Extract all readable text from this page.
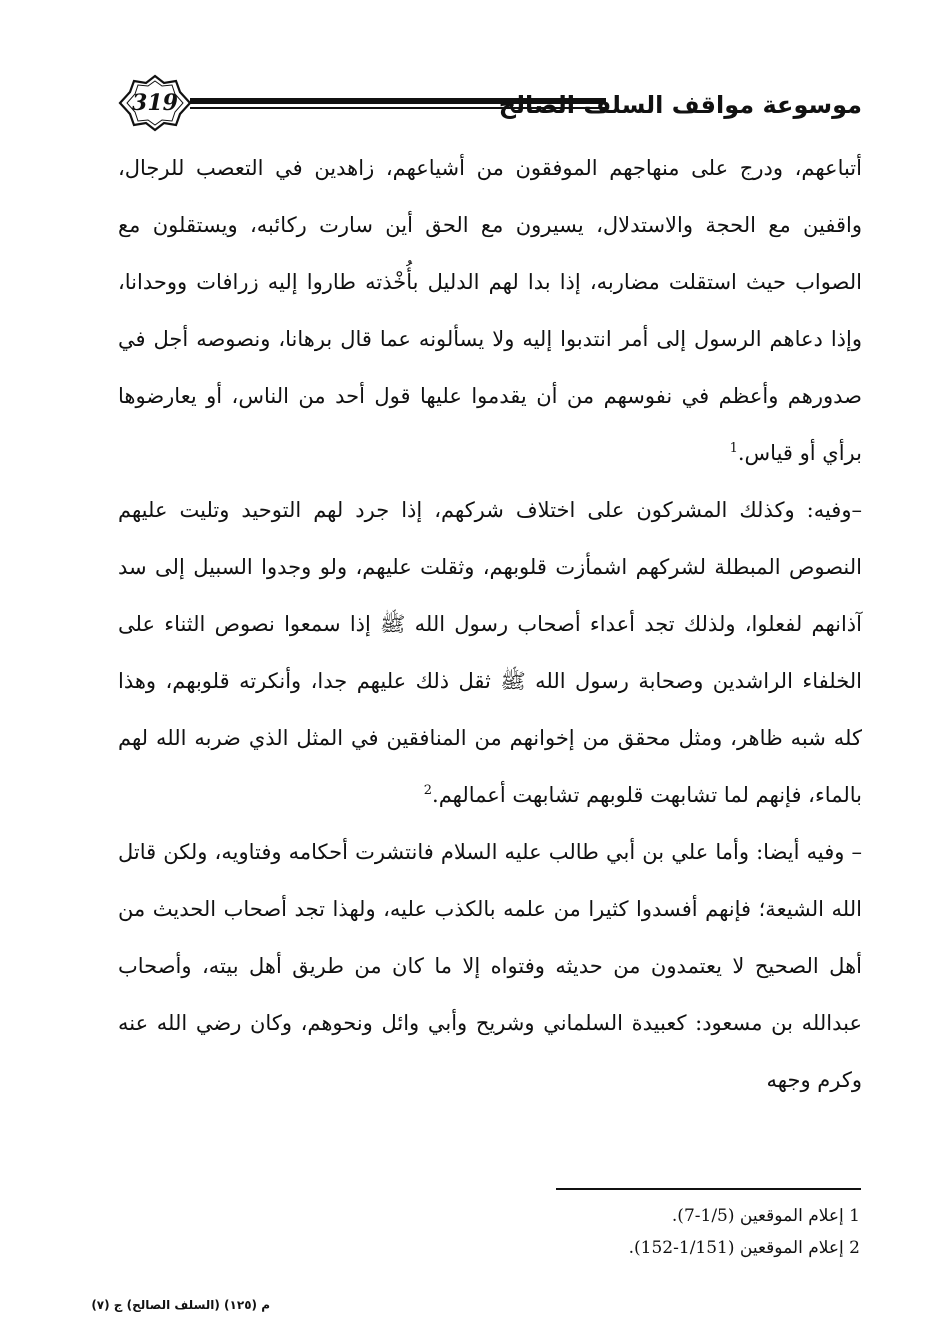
319	موسوعة مواقف السلف الصالح

أتباعهم، ودرج على منهاجهم الموفقون من أشياعهم، زاهدين في التعصب للرجال، واقفين مع الحجة والاستدلال، يسيرون مع الحق أين سارت ركائبه، ويستقلون مع الصواب حيث استقلت مضاربه، إذا بدا لهم الدليل بأُخْذته طاروا إليه زرافات ووحدانا، وإذا دعاهم الرسول إلى أمر انتدبوا إليه ولا يسألونه عما قال برهانا، ونصوصه أجل في صدورهم وأعظم في نفوسهم من أن يقدموا عليها قول أحد من الناس، أو يعارضوها برأي أو قياس.$^1$

–وفيه: وكذلك المشركون على اختلاف شركهم، إذا جرد لهم التوحيد وتليت عليهم النصوص المبطلة لشركهم اشمأزت قلوبهم، وثقلت عليهم، ولو وجدوا السبيل إلى سد آذانهم لفعلوا، ولذلك تجد أعداء أصحاب رسول الله ﷺ إذا سمعوا نصوص الثناء على الخلفاء الراشدين وصحابة رسول الله ﷺ ثقل ذلك عليهم جدا، وأنكرته قلوبهم، وهذا كله شبه ظاهر، ومثل محقق من إخوانهم من المنافقين في المثل الذي ضربه الله لهم بالماء، فإنهم لما تشابهت قلوبهم تشابهت أعمالهم.$^2$

– وفيه أيضا: وأما علي بن أبي طالب عليه السلام فانتشرت أحكامه وفتاويه، ولكن قاتل الله الشيعة؛ فإنهم أفسدوا كثيرا من علمه بالكذب عليه، ولهذا تجد أصحاب الحديث من أهل الصحيح لا يعتمدون من حديثه وفتواه إلا ما كان من طريق أهل بيته، وأصحاب عبدالله بن مسعود: كعبيدة السلماني وشريح وأبي وائل ونحوهم، وكان رضي الله عنه وكرم وجهه

1 إعلام الموقعين (1/5-7).
2 إعلام الموقعين (1/151-152).
م (١٢٥) (السلف الصالح) ج (٧)
